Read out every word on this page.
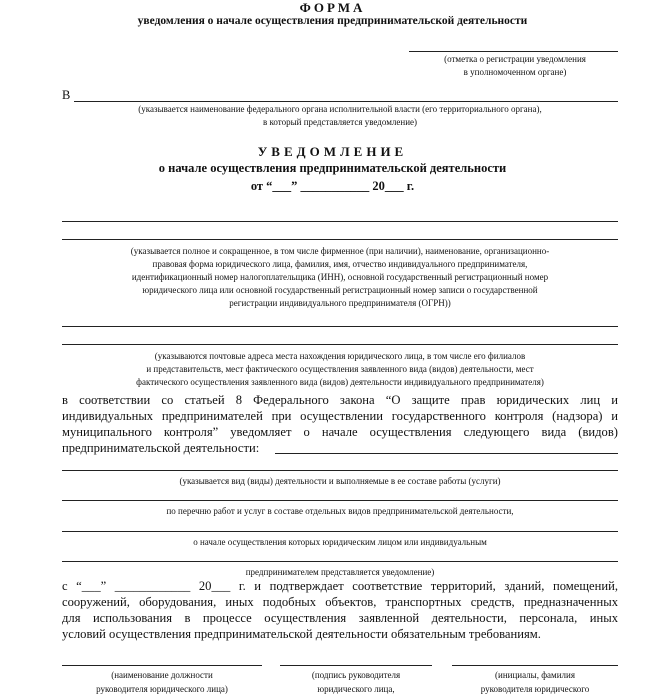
ФОРМА
уведомления о начале осуществления предпринимательской деятельности
(отметка о регистрации уведомления
в уполномоченном органе)
В
(указывается наименование федерального органа исполнительной власти (его территориального органа),
в который представляется уведомление)
УВЕДОМЛЕНИЕ
о начале осуществления предпринимательской деятельности
от “___” ___________ 20___ г.
(указывается полное и сокращенное, в том числе фирменное (при наличии), наименование, организационно-
правовая форма юридического лица, фамилия, имя, отчество индивидуального предпринимателя,
идентификационный номер налогоплательщика (ИНН), основной государственный регистрационный номер
юридического лица или основной государственный регистрационный номер записи о государственной
регистрации индивидуального предпринимателя (ОГРН))
(указываются почтовые адреса места нахождения юридического лица, в том числе его филиалов
и представительств, мест фактического осуществления заявленного вида (видов) деятельности, мест
фактического осуществления заявленного вида (видов) деятельности индивидуального предпринимателя)
в соответствии со статьей 8 Федерального закона “О защите прав юридических лиц и
индивидуальных предпринимателей при осуществлении государственного контроля (надзора) и
муниципального контроля” уведомляет о начале осуществления следующего вида (видов)
предпринимательской деятельности:
(указывается вид (виды) деятельности и выполняемые в ее составе работы (услуги)
по перечню работ и услуг в составе отдельных видов предпринимательской деятельности,
о начале осуществления которых юридическим лицом или индивидуальным
предпринимателем представляется уведомление)
с “___” ____________ 20___ г. и подтверждает соответствие территорий, зданий, помещений,
сооружений, оборудования, иных подобных объектов, транспортных средств, предназначенных
для использования в процессе осуществления заявленной деятельности, персонала, иных
условий осуществления предпринимательской деятельности обязательным требованиям.
(наименование должности
руководителя юридического лица)
(подпись руководителя
юридического лица,
(инициалы, фамилия
руководителя юридического
